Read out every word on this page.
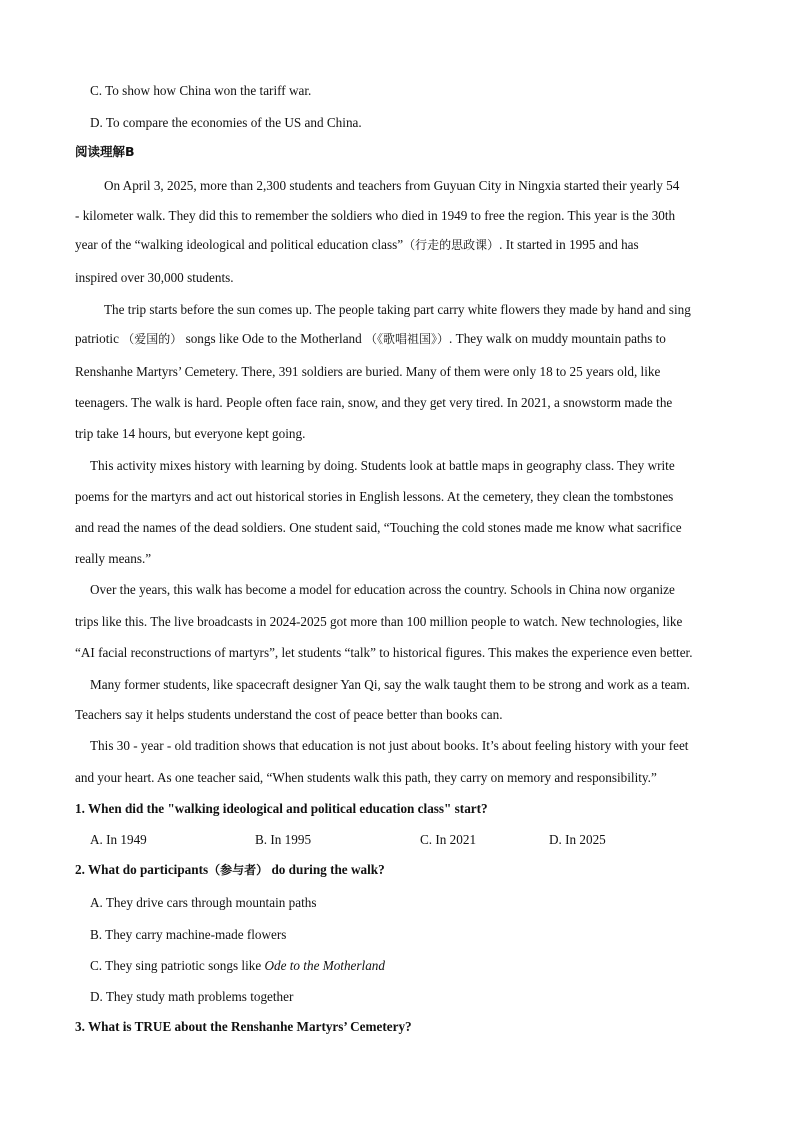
C. To show how China won the tariff war.
D. To compare the economies of the US and China.
阅读理解B
On April 3, 2025, more than 2,300 students and teachers from Guyuan City in Ningxia started their yearly 54
- kilometer walk. They did this to remember the soldiers who died in 1949 to free the region. This year is the 30th
year of the “walking ideological and political education class”（行走的思政课）. It started in 1995 and has
inspired over 30,000 students.
The trip starts before the sun comes up. The people taking part carry white flowers they made by hand and sing
patriotic （爱国的） songs like Ode to the Motherland （《歌唱祖国》）. They walk on muddy mountain paths to
Renshanhe Martyrs’ Cemetery. There, 391 soldiers are buried. Many of them were only 18 to 25 years old, like
teenagers. The walk is hard. People often face rain, snow, and they get very tired. In 2021, a snowstorm made the
trip take 14 hours, but everyone kept going.
This activity mixes history with learning by doing. Students look at battle maps in geography class. They write
poems for the martyrs and act out historical stories in English lessons. At the cemetery, they clean the tombstones
and read the names of the dead soldiers. One student said, “Touching the cold stones made me know what sacrifice
really means.”
Over the years, this walk has become a model for education across the country. Schools in China now organize
trips like this. The live broadcasts in 2024-2025 got more than 100 million people to watch. New technologies, like
“AI facial reconstructions of martyrs”, let students “talk” to historical figures. This makes the experience even better.
Many former students, like spacecraft designer Yan Qi, say the walk taught them to be strong and work as a team.
Teachers say it helps students understand the cost of peace better than books can.
This 30 - year - old tradition shows that education is not just about books. It’s about feeling history with your feet
and your heart. As one teacher said, “When students walk this path, they carry on memory and responsibility.”
1. When did the "walking ideological and political education class" start?
A. In 1949	B. In 1995	C. In 2021	D. In 2025
2. What do participants（参与者） do during the walk?
A. They drive cars through mountain paths
B. They carry machine-made flowers
C. They sing patriotic songs like Ode to the Motherland
D. They study math problems together
3. What is TRUE about the Renshanhe Martyrs’ Cemetery?
